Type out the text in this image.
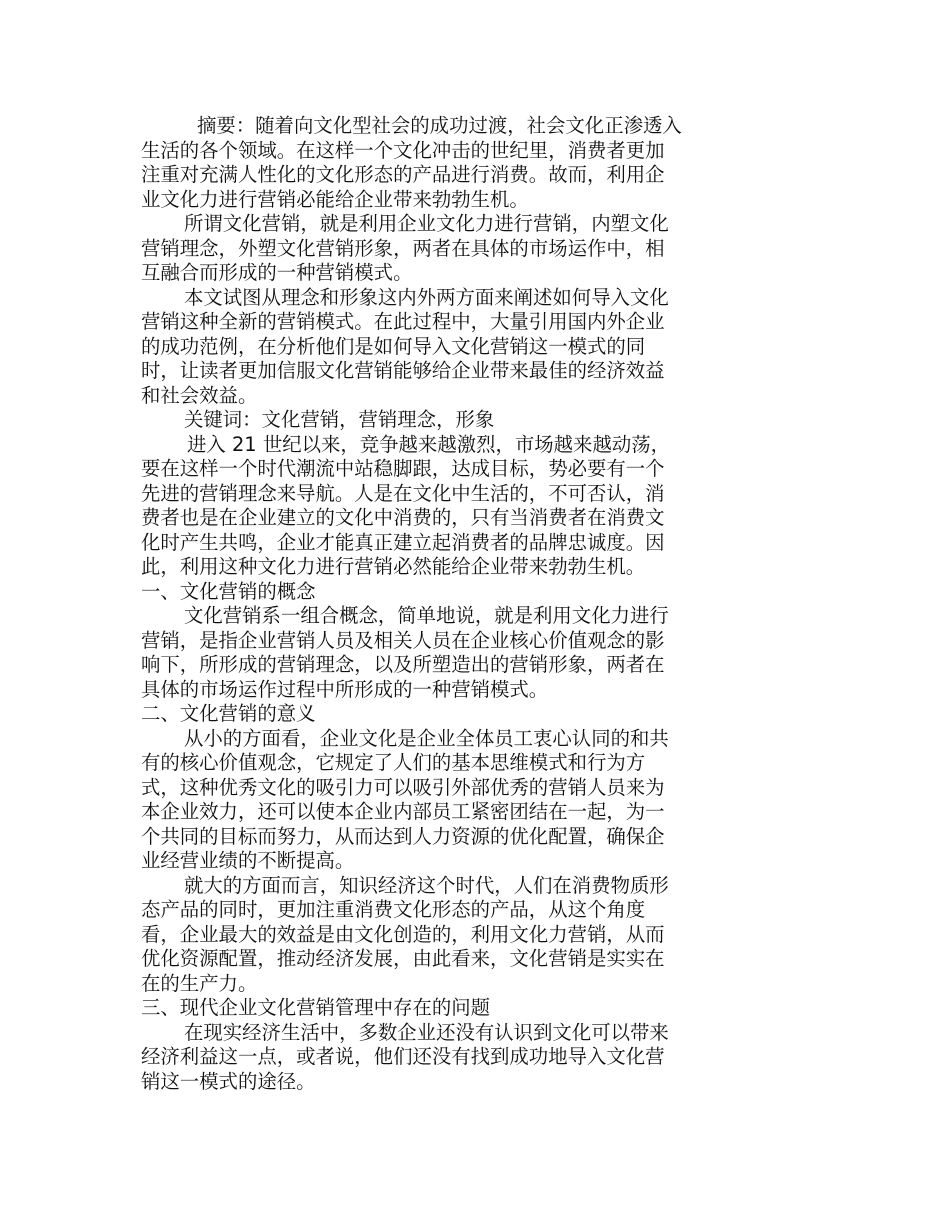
摘要：随着向文化型社会的成功过渡，社会文化正渗透入
生活的各个领域。在这样一个文化冲击的世纪里，消费者更加
注重对充满人性化的文化形态的产品进行消费。故而，利用企
业文化力进行营销必能给企业带来勃勃生机。
所谓文化营销，就是利用企业文化力进行营销，内塑文化
营销理念，外塑文化营销形象，两者在具体的市场运作中，相
互融合而形成的一种营销模式。
本文试图从理念和形象这内外两方面来阐述如何导入文化
营销这种全新的营销模式。在此过程中，大量引用国内外企业
的成功范例，在分析他们是如何导入文化营销这一模式的同
时，让读者更加信服文化营销能够给企业带来最佳的经济效益
和社会效益。
关键词：文化营销，营销理念，形象
进入 21 世纪以来，竞争越来越激烈，市场越来越动荡，
要在这样一个时代潮流中站稳脚跟，达成目标，势必要有一个
先进的营销理念来导航。人是在文化中生活的，不可否认，消
费者也是在企业建立的文化中消费的，只有当消费者在消费文
化时产生共鸣，企业才能真正建立起消费者的品牌忠诚度。因
此，利用这种文化力进行营销必然能给企业带来勃勃生机。
一、文化营销的概念
文化营销系一组合概念，简单地说，就是利用文化力进行
营销，是指企业营销人员及相关人员在企业核心价值观念的影
响下，所形成的营销理念，以及所塑造出的营销形象，两者在
具体的市场运作过程中所形成的一种营销模式。
二、文化营销的意义
从小的方面看，企业文化是企业全体员工衷心认同的和共
有的核心价值观念，它规定了人们的基本思维模式和行为方
式，这种优秀文化的吸引力可以吸引外部优秀的营销人员来为
本企业效力，还可以使本企业内部员工紧密团结在一起，为一
个共同的目标而努力，从而达到人力资源的优化配置，确保企
业经营业绩的不断提高。
就大的方面而言，知识经济这个时代，人们在消费物质形
态产品的同时，更加注重消费文化形态的产品，从这个角度
看，企业最大的效益是由文化创造的，利用文化力营销，从而
优化资源配置，推动经济发展，由此看来，文化营销是实实在
在的生产力。
三、现代企业文化营销管理中存在的问题
在现实经济生活中，多数企业还没有认识到文化可以带来
经济利益这一点，或者说，他们还没有找到成功地导入文化营
销这一模式的途径。
